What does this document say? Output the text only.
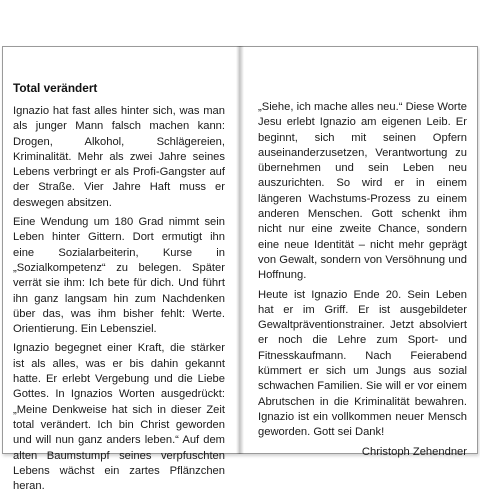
Total verändert

Ignazio hat fast alles hinter sich, was man als junger Mann falsch machen kann: Drogen, Alkohol, Schlägereien, Kriminalität. Mehr als zwei Jahre seines Lebens verbringt er als Profi-Gangster auf der Straße. Vier Jahre Haft muss er deswegen absitzen.

Eine Wendung um 180 Grad nimmt sein Leben hinter Gittern. Dort ermutigt ihn eine Sozialarbeiterin, Kurse in „Sozialkompetenz“ zu belegen. Später verrät sie ihm: Ich bete für dich. Und führt ihn ganz langsam hin zum Nachdenken über das, was ihm bisher fehlt: Werte. Orientierung. Ein Lebensziel.

Ignazio begegnet einer Kraft, die stärker ist als alles, was er bis dahin gekannt hatte. Er erlebt Vergebung und die Liebe Gottes. In Ignazios Worten ausgedrückt: „Meine Denkweise hat sich in dieser Zeit total verändert. Ich bin Christ geworden und will nun ganz anders leben.“ Auf dem alten Baumstumpf seines verpfuschten Lebens wächst ein zartes Pflänzchen heran.

„Siehe, ich mache alles neu.“ Diese Worte Jesu erlebt Ignazio am eigenen Leib. Er beginnt, sich mit seinen Opfern auseinanderzusetzen, Verantwortung zu übernehmen und sein Leben neu auszurichten. So wird er in einem längeren Wachstums-Prozess zu einem anderen Menschen. Gott schenkt ihm nicht nur eine zweite Chance, sondern eine neue Identität – nicht mehr geprägt von Gewalt, sondern von Versöhnung und Hoffnung.

Heute ist Ignazio Ende 20. Sein Leben hat er im Griff. Er ist ausgebildeter Gewaltpräventionstrainer. Jetzt absolviert er noch die Lehre zum Sport- und Fitnesskaufmann. Nach Feierabend kümmert er sich um Jungs aus sozial schwachen Familien. Sie will er vor einem Abrutschen in die Kriminalität bewahren. Ignazio ist ein vollkommen neuer Mensch geworden. Gott sei Dank!

Christoph Zehendner
